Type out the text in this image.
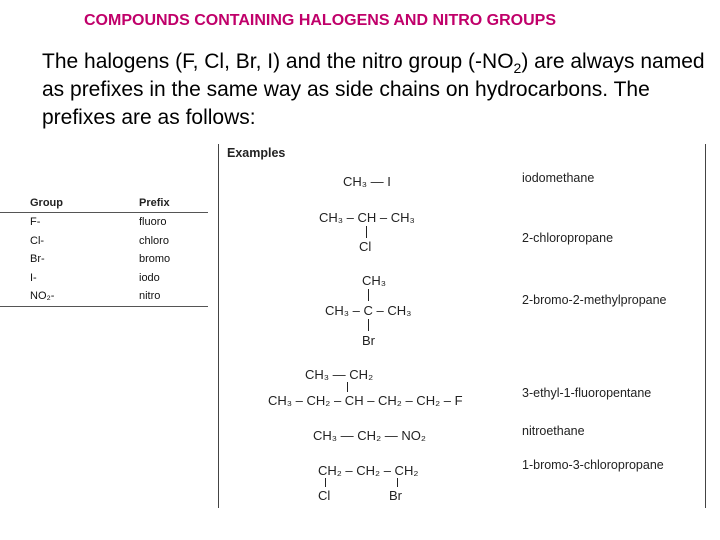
COMPOUNDS CONTAINING HALOGENS AND NITRO GROUPS
The halogens (F, Cl, Br, I) and the nitro group $(-NO_2)$ are always named as prefixes in the same way as side chains on hydrocarbons. The prefixes are as follows:
Group	Prefix
F-	fluoro
Cl-	chloro
Br-	bromo
I-	iodo
NO₂-	nitro
Examples
CH₃ — I	iodomethane
CH₃ – CH – CH₃
Cl
2-chloropropane
CH₃
CH₃ – C – CH₃
Br
2-bromo-2-methylpropane
CH₃ — CH₂
CH₃ – CH₂ – CH – CH₂ – CH₂ – F	3-ethyl-1-fluoropentane
CH₃ — CH₂ — NO₂	nitroethane
CH₂ – CH₂ – CH₂
Cl	Br
1-bromo-3-chloropropane
